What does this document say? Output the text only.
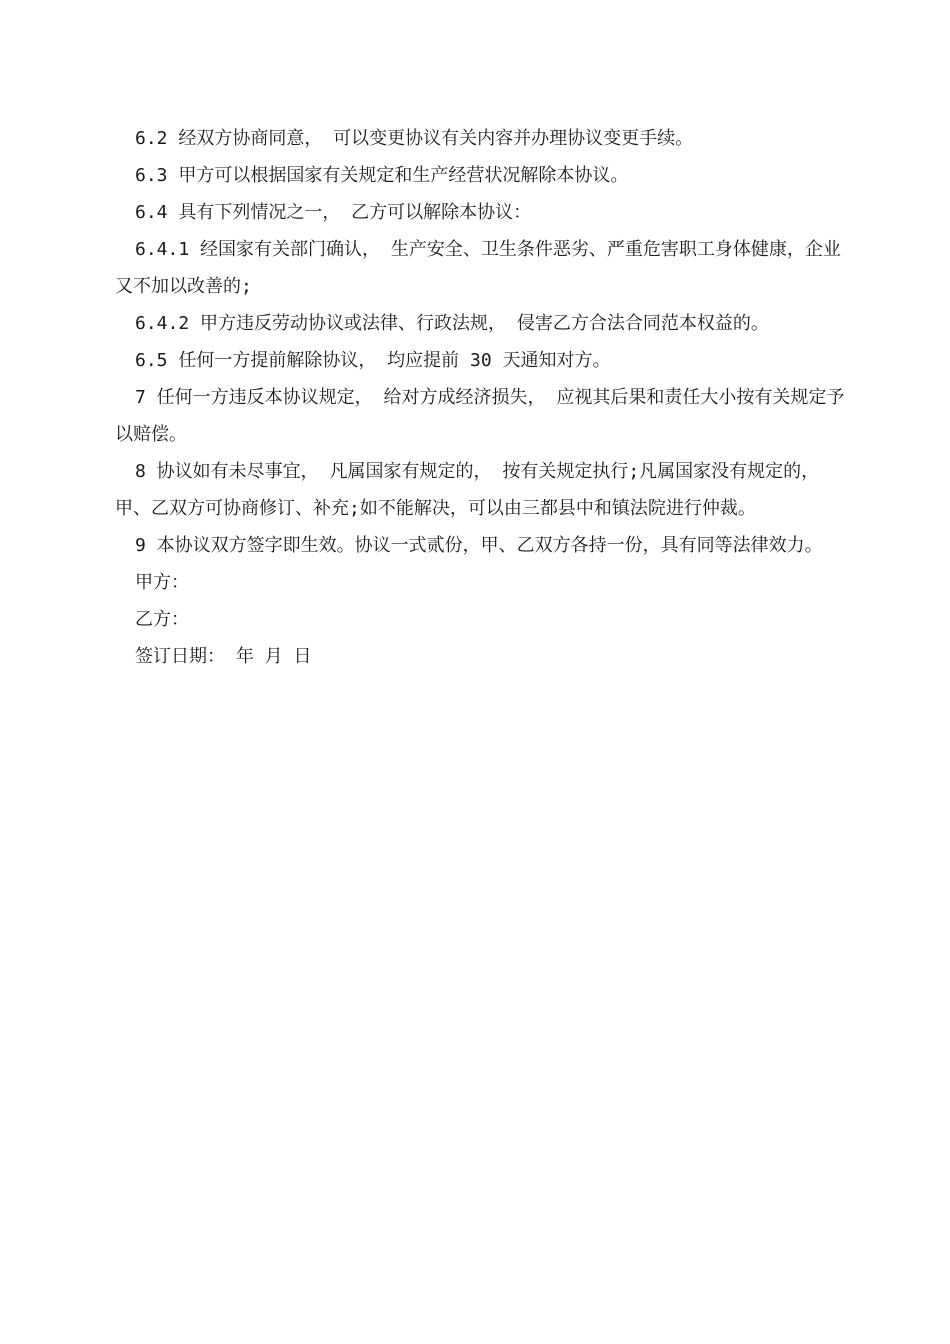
6.2 经双方协商同意， 可以变更协议有关内容并办理协议变更手续。

6.3 甲方可以根据国家有关规定和生产经营状况解除本协议。

6.4 具有下列情况之一， 乙方可以解除本协议：

6.4.1 经国家有关部门确认， 生产安全、卫生条件恶劣、严重危害职工身体健康，企业又不加以改善的;

6.4.2 甲方违反劳动协议或法律、行政法规， 侵害乙方合法合同范本权益的。

6.5 任何一方提前解除协议， 均应提前 30 天通知对方。

7 任何一方违反本协议规定， 给对方成经济损失， 应视其后果和责任大小按有关规定予以赔偿。

8 协议如有未尽事宜， 凡属国家有规定的， 按有关规定执行;凡属国家没有规定的， 甲、乙双方可协商修订、补充;如不能解决，可以由三都县中和镇法院进行仲裁。

9 本协议双方签字即生效。协议一式贰份，甲、乙双方各持一份，具有同等法律效力。

甲方：

乙方：

签订日期： 年 月 日
